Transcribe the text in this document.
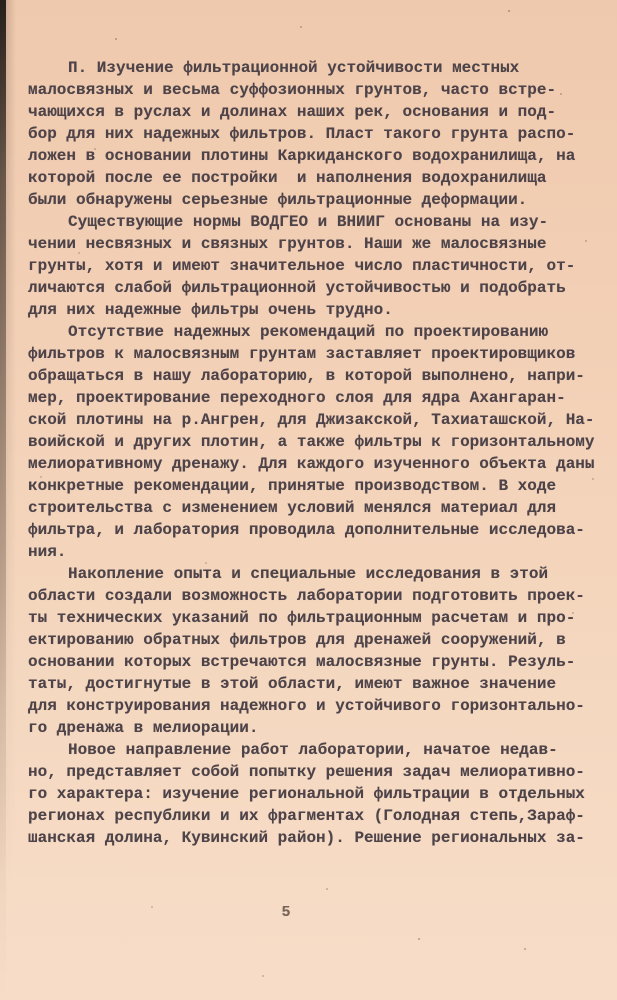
П. Изучение фильтрационной устойчивости местных
малосвязных и весьма суффозионных грунтов, часто встре-
чающихся в руслах и долинах наших рек, основания и под-
бор для них надежных фильтров. Пласт такого грунта распо-
ложен в основании плотины Каркиданского водохранилища, на
которой после ее постройки  и наполнения водохранилища
были обнаружены серьезные фильтрационные деформации.

Существующие нормы ВОДГЕО и ВНИИГ основаны на изу-
чении несвязных и связных грунтов. Наши же малосвязные
грунты, хотя и имеют значительное число пластичности, от-
личаются слабой фильтрационной устойчивостью и подобрать
для них надежные фильтры очень трудно.

Отсутствие надежных рекомендаций по проектированию
фильтров к малосвязным грунтам заставляет проектировщиков
обращаться в нашу лабораторию, в которой выполнено, напри-
мер, проектирование переходного слоя для ядра Ахангаран-
ской плотины на р.Ангрен, для Джизакской, Тахиаташской, На-
воийской и других плотин, а также фильтры к горизонтальному
мелиоративному дренажу. Для каждого изученного объекта даны
конкретные рекомендации, принятые производством. В ходе
строительства с изменением условий менялся материал для
фильтра, и лаборатория проводила дополнительные исследова-
ния.

Накопление опыта и специальные исследования в этой
области создали возможность лаборатории подготовить проек-
ты технических указаний по фильтрационным расчетам и про-
ектированию обратных фильтров для дренажей сооружений, в
основании которых встречаются малосвязные грунты. Резуль-
таты, достигнутые в этой области, имеют важное значение
для конструирования надежного и устойчивого горизонтально-
го дренажа в мелиорации.

Новое направление работ лаборатории, начатое недав-
но, представляет собой попытку решения задач мелиоративно-
го характера: изучение региональной фильтрации в отдельных
регионах республики и их фрагментах (Голодная степь,Зараф-
шанская долина, Кувинский район). Решение региональных за-

5
